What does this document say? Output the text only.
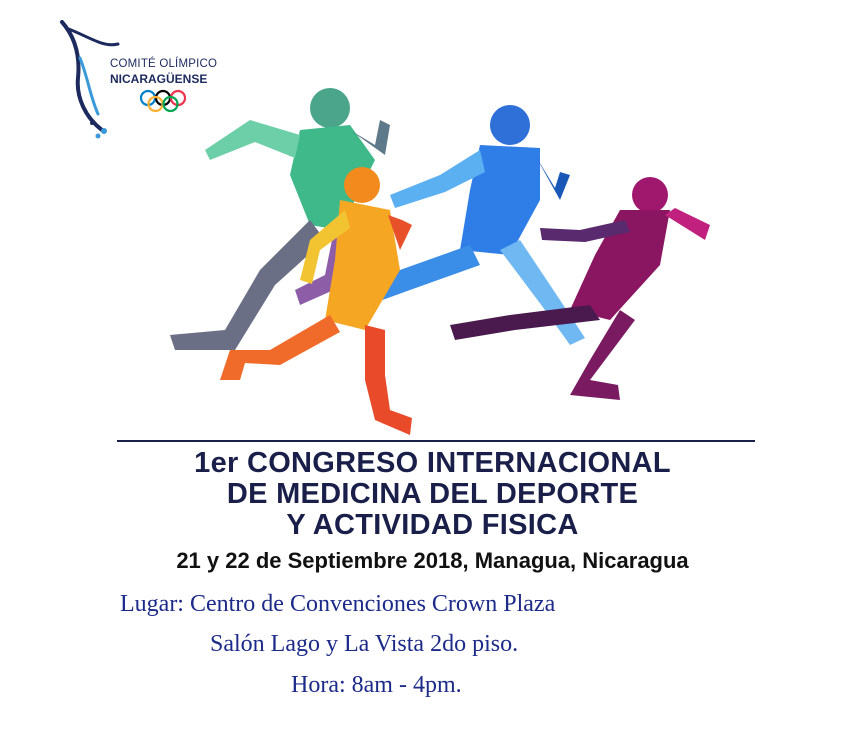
COMITÉ OLÍMPICO
NICARAGÜENSE
1er CONGRESO INTERNACIONAL
DE MEDICINA DEL DEPORTE
Y ACTIVIDAD FISICA
21 y 22 de Septiembre 2018, Managua, Nicaragua
Lugar: Centro de Convenciones Crown Plaza
Salón Lago y La Vista 2do piso.
Hora: 8am - 4pm.
